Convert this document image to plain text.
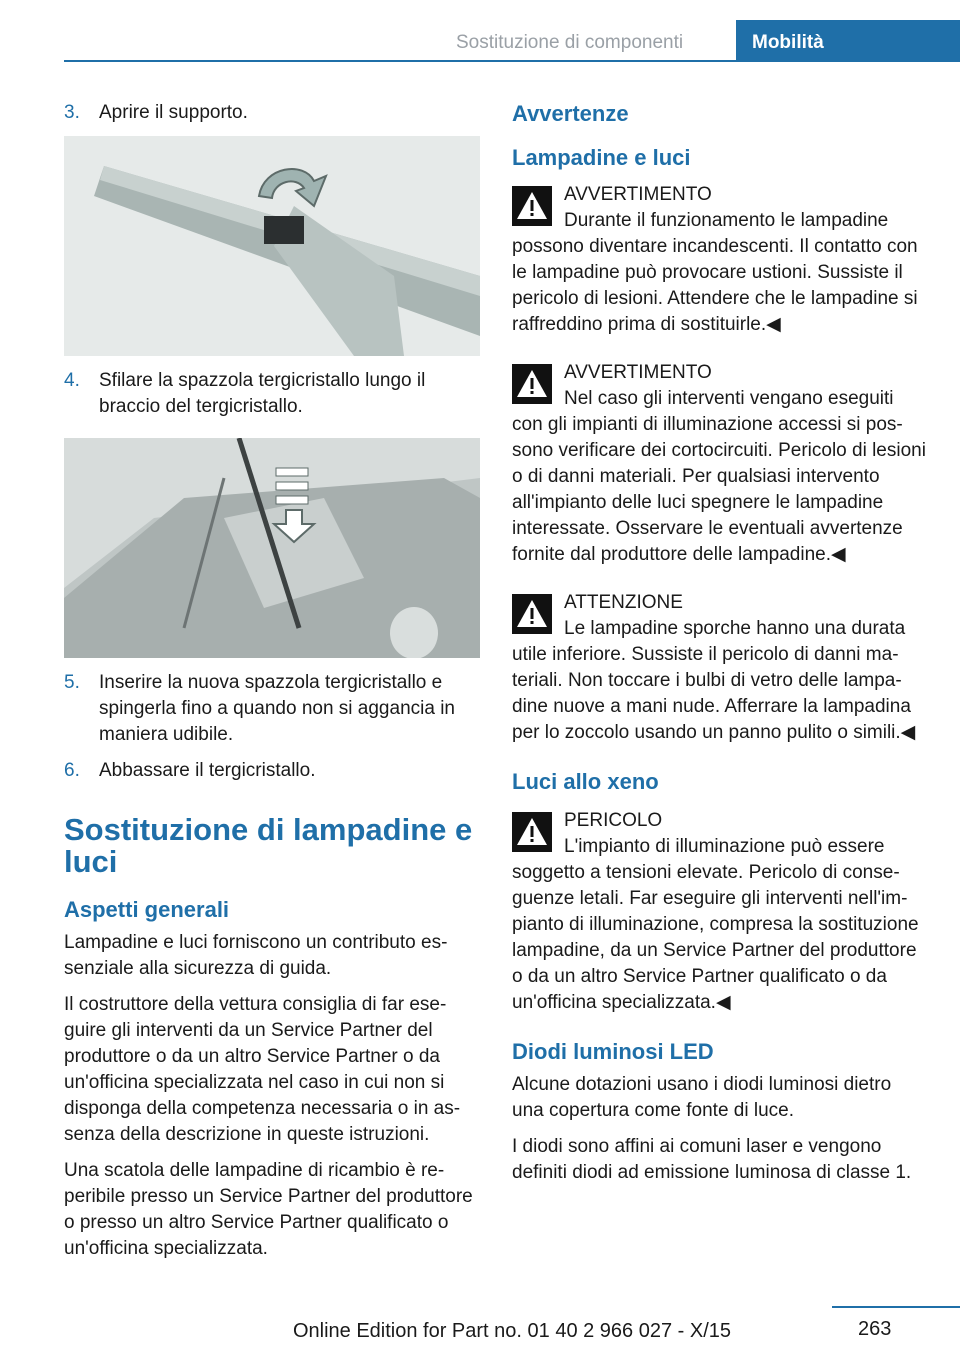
Sostituzione di componenti	Mobilità
3.	Aprire il supporto.
4.	Sfilare la spazzola tergicristallo lungo il braccio del tergicristallo.
5.	Inserire la nuova spazzola tergicristallo e spingerla fino a quando non si aggancia in maniera udibile.
6.	Abbassare il tergicristallo.
Sostituzione di lampadine e luci
Aspetti generali

Lampadine e luci forniscono un contributo essenziale alla sicurezza di guida.

Il costruttore della vettura consiglia di far eseguire gli interventi da un Service Partner del produttore o da un altro Service Partner o da un'officina specializzata nel caso in cui non si disponga della competenza necessaria o in assenza della descrizione in queste istruzioni.

Una scatola delle lampadine di ricambio è reperibile presso un Service Partner del produttore o presso un altro Service Partner qualificato o un'officina specializzata.

Avvertenze
Lampadine e luci
AVVERTIMENTO
Durante il funzionamento le lampadine possono diventare incandescenti. Il contatto con le lampadine può provocare ustioni. Sussiste il pericolo di lesioni. Attendere che le lampadine si raffreddino prima di sostituirle.◀
AVVERTIMENTO
Nel caso gli interventi vengano eseguiti con gli impianti di illuminazione accessi si possono verificare dei cortocircuiti. Pericolo di lesioni o di danni materiali. Per qualsiasi intervento all'impianto delle luci spegnere le lampadine interessate. Osservare le eventuali avvertenze fornite dal produttore delle lampadine.◀
ATTENZIONE
Le lampadine sporche hanno una durata utile inferiore. Sussiste il pericolo di danni materiali. Non toccare i bulbi di vetro delle lampadine nuove a mani nude. Afferrare la lampadina per lo zoccolo usando un panno pulito o simili.◀
Luci allo xeno
PERICOLO
L'impianto di illuminazione può essere soggetto a tensioni elevate. Pericolo di conseguenze letali. Far eseguire gli interventi nell'impianto di illuminazione, compresa la sostituzione lampadine, da un Service Partner del produttore o da un altro Service Partner qualificato o da un'officina specializzata.◀
Diodi luminosi LED

Alcune dotazioni usano i diodi luminosi dietro una copertura come fonte di luce.

I diodi sono affini ai comuni laser e vengono definiti diodi ad emissione luminosa di classe 1.

263
Online Edition for Part no. 01 40 2 966 027 - X/15
